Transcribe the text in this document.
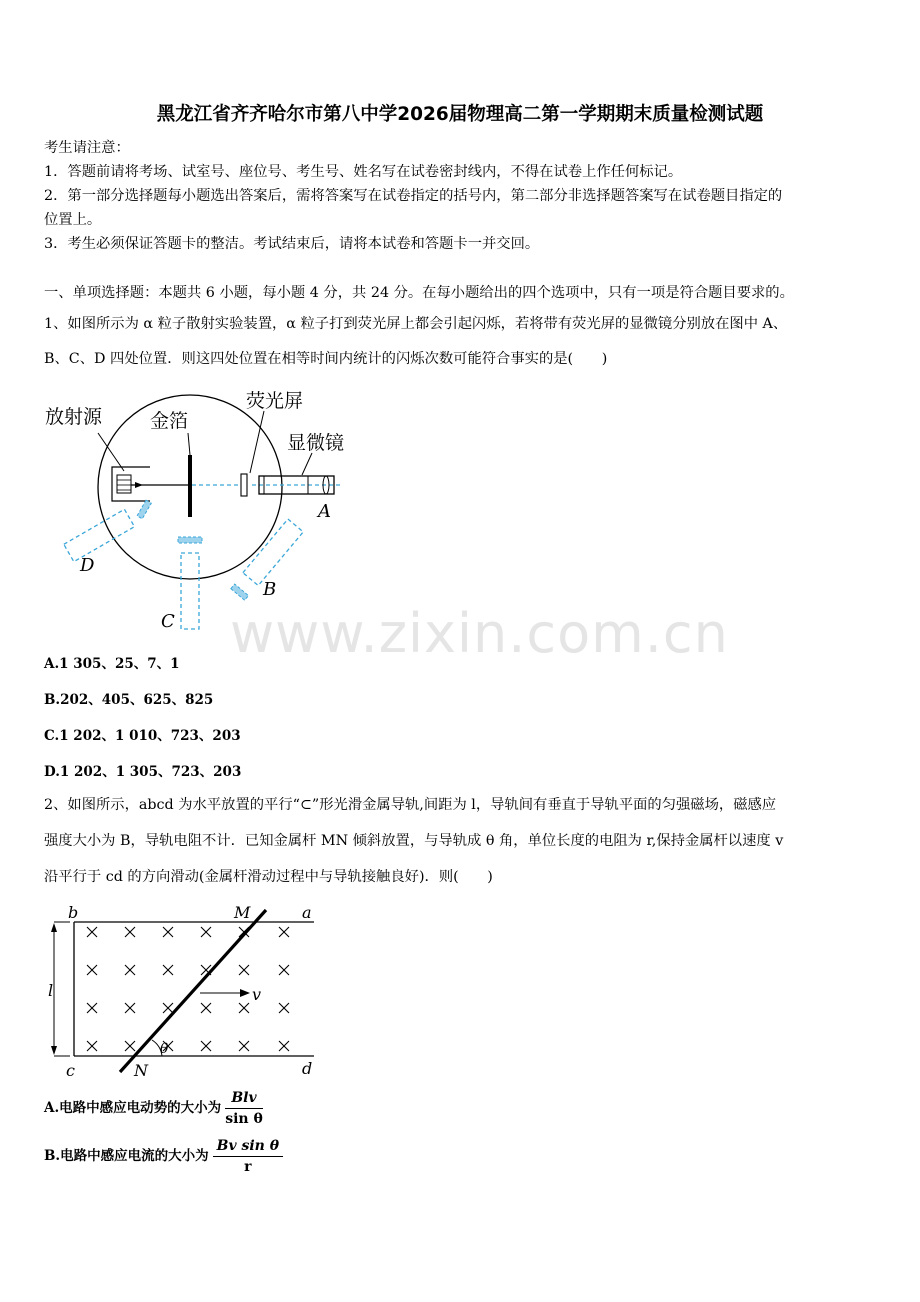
www.zixin.com.cn
黑龙江省齐齐哈尔市第八中学2026届物理高二第一学期期末质量检测试题
考生请注意：
1．答题前请将考场、试室号、座位号、考生号、姓名写在试卷密封线内，不得在试卷上作任何标记。
2．第一部分选择题每小题选出答案后，需将答案写在试卷指定的括号内，第二部分非选择题答案写在试卷题目指定的
位置上。
3．考生必须保证答题卡的整洁。考试结束后，请将本试卷和答题卡一并交回。
一、单项选择题：本题共 6 小题，每小题 4 分，共 24 分。在每小题给出的四个选项中，只有一项是符合题目要求的。
1、如图所示为 α 粒子散射实验装置，α 粒子打到荧光屏上都会引起闪烁，若将带有荧光屏的显微镜分别放在图中 A、
B、C、D 四处位置．则这四处位置在相等时间内统计的闪烁次数可能符合事实的是(　　)
放射源	金箔
荧光屏
显微镜
A
B
C
D
A.1 305、25、7、1
B.202、405、625、825
C.1 202、1 010、723、203
D.1 202、1 305、723、203
2、如图所示，abcd 为水平放置的平行“⊂”形光滑金属导轨,间距为 l，导轨间有垂直于导轨平面的匀强磁场，磁感应
强度大小为 B，导轨电阻不计．已知金属杆 MN 倾斜放置，与导轨成 θ 角，单位长度的电阻为 r,保持金属杆以速度 v
沿平行于 cd 的方向滑动(金属杆滑动过程中与导轨接触良好)．则(　　)
b	a
c	d
M
N
l	v
θ
A.电路中感应电动势的大小为 $\frac{\text{Blv}}{\text{sin θ}}$
B.电路中感应电流的大小为 $\frac{\text{Bv sin θ}}{r}$
